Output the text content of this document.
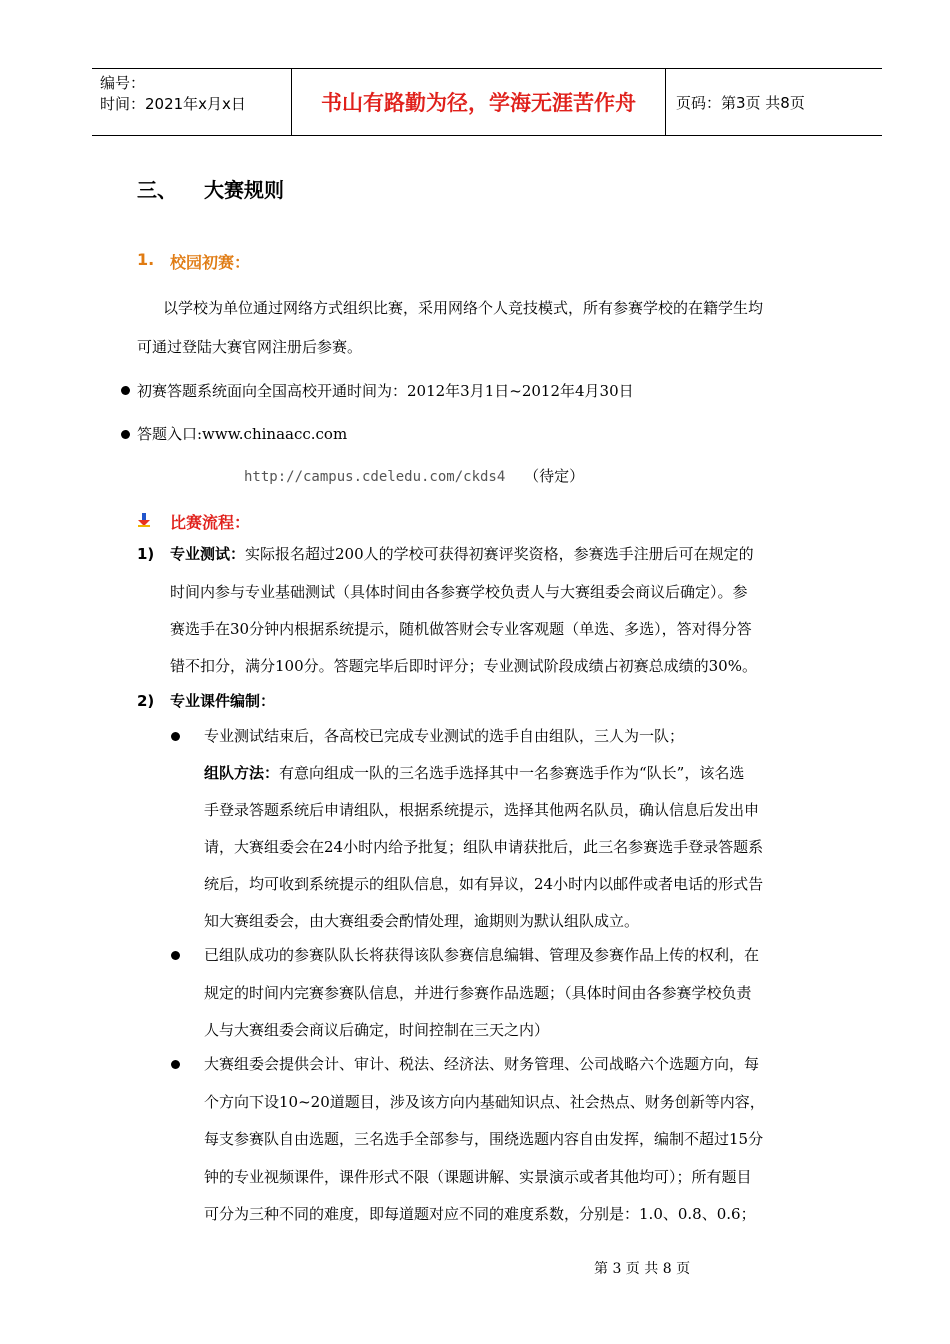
编号：
时间：2021年x月x日	书山有路勤为径，学海无涯苦作舟	页码：第3页 共8页
三、 大赛规则
1. 校园初赛：
以学校为单位通过网络方式组织比赛，采用网络个人竞技模式，所有参赛学校的在籍学生均
可通过登陆大赛官网注册后参赛。
初赛答题系统面向全国高校开通时间为：2012年3月1日~2012年4月30日
答题入口:www.chinaacc.com
http://campus.cdeledu.com/ckds4 （待定）
比赛流程：
1) 专业测试：实际报名超过200人的学校可获得初赛评奖资格，参赛选手注册后可在规定的
时间内参与专业基础测试（具体时间由各参赛学校负责人与大赛组委会商议后确定）。参
赛选手在30分钟内根据系统提示，随机做答财会专业客观题（单选、多选），答对得分答
错不扣分，满分100分。答题完毕后即时评分；专业测试阶段成绩占初赛总成绩的30%。
2) 专业课件编制：
专业测试结束后，各高校已完成专业测试的选手自由组队，三人为一队；
组队方法：有意向组成一队的三名选手选择其中一名参赛选手作为“队长”，该名选
手登录答题系统后申请组队，根据系统提示，选择其他两名队员，确认信息后发出申
请，大赛组委会在24小时内给予批复；组队申请获批后，此三名参赛选手登录答题系
统后，均可收到系统提示的组队信息，如有异议，24小时内以邮件或者电话的形式告
知大赛组委会，由大赛组委会酌情处理，逾期则为默认组队成立。
已组队成功的参赛队队长将获得该队参赛信息编辑、管理及参赛作品上传的权利，在
规定的时间内完赛参赛队信息，并进行参赛作品选题；（具体时间由各参赛学校负责
人与大赛组委会商议后确定，时间控制在三天之内）
大赛组委会提供会计、审计、税法、经济法、财务管理、公司战略六个选题方向，每
个方向下设10~20道题目，涉及该方向内基础知识点、社会热点、财务创新等内容，
每支参赛队自由选题，三名选手全部参与，围绕选题内容自由发挥，编制不超过15分
钟的专业视频课件，课件形式不限（课题讲解、实景演示或者其他均可）；所有题目
可分为三种不同的难度，即每道题对应不同的难度系数，分别是：1.0、0.8、0.6；
第 3 页 共 8 页
